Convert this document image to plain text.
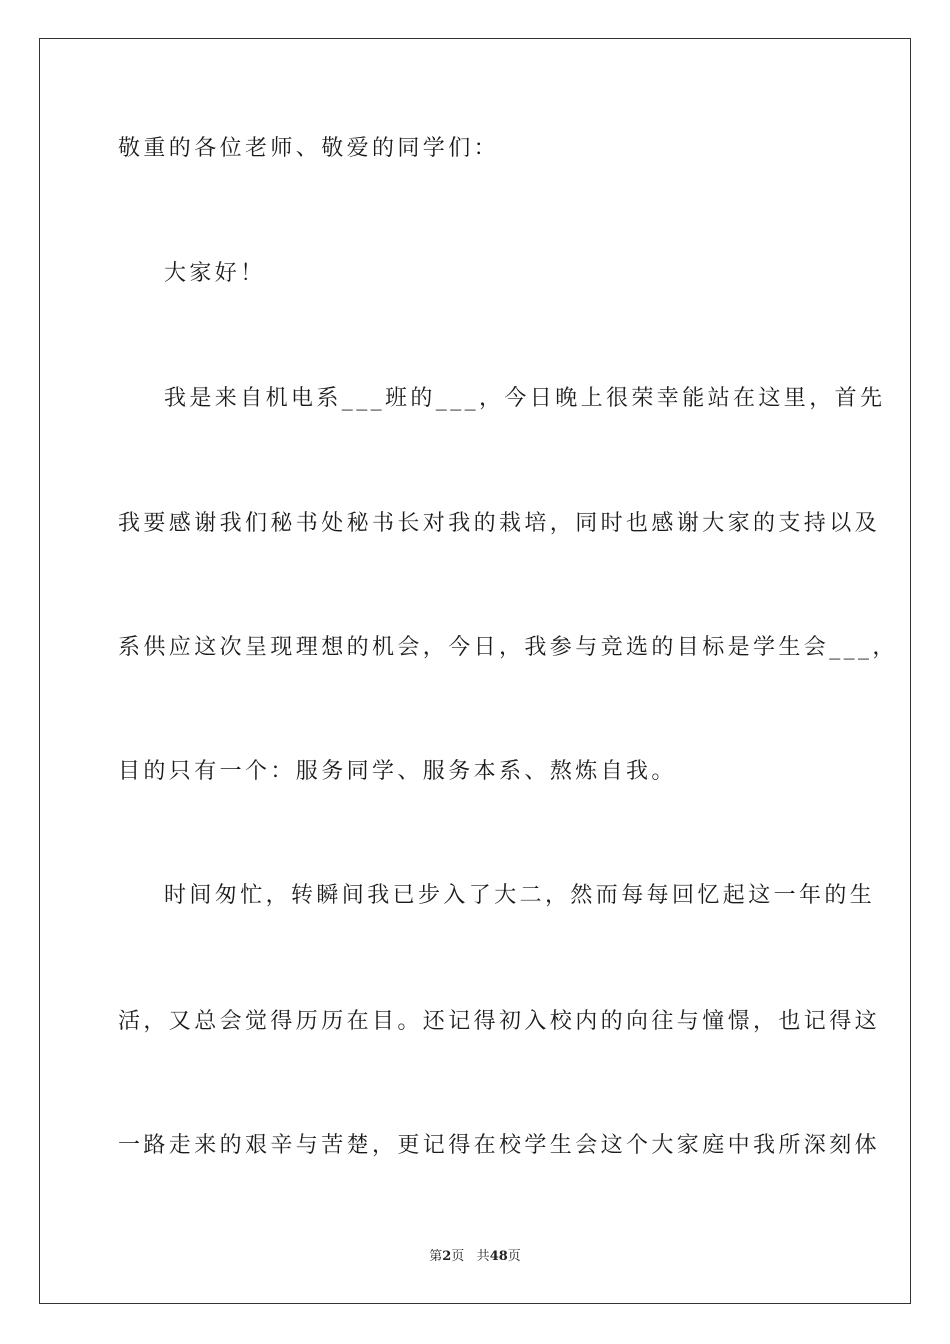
敬重的各位老师、敬爱的同学们：
大家好！
我是来自机电系___班的___，今日晚上很荣幸能站在这里，首先
我要感谢我们秘书处秘书长对我的栽培，同时也感谢大家的支持以及
系供应这次呈现理想的机会，今日，我参与竞选的目标是学生会___，
目的只有一个：服务同学、服务本系、熬炼自我。
时间匆忙，转瞬间我已步入了大二，然而每每回忆起这一年的生
活，又总会觉得历历在目。还记得初入校内的向往与憧憬，也记得这
一路走来的艰辛与苦楚，更记得在校学生会这个大家庭中我所深刻体
第2页 共48页
